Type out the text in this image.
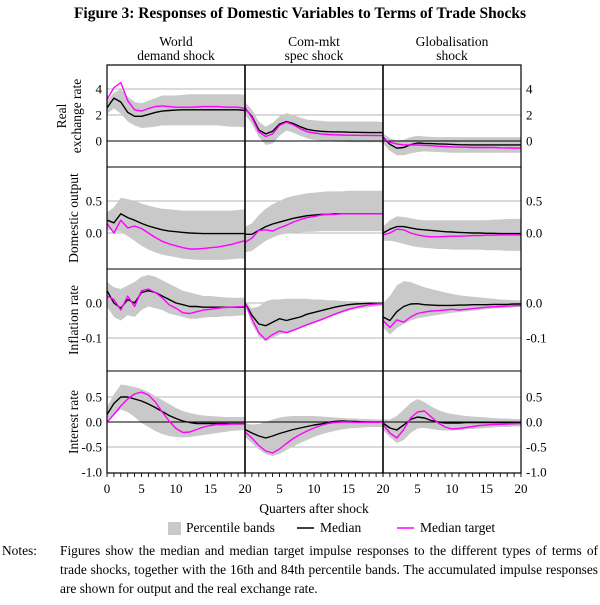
Figure 3: Responses of Domestic Variables to Terms of Trade Shocks
World demand shock
Com-mkt spec shock
Globalisation shock
4	4
2	2
0	0
Realexchange rate
0.5	0.5
0.0	0.0
Domestic output
0.0	0.0
-0.1	-0.1
Inflation rate
0.5	0.5
0.0	0.0
-0.5	-0.5
-1.0	-1.0
Interest rate
0 5 10 15 20 5 10 15 20 5 10 15 20
Quarters after shock
Percentile bands	Median	Median target
Notes:	Figures show the median and median target impulse responses to the different types of terms of trade shocks, together with the 16th and 84th percentile bands. The accumulated impulse responses are shown for output and the real exchange rate.
